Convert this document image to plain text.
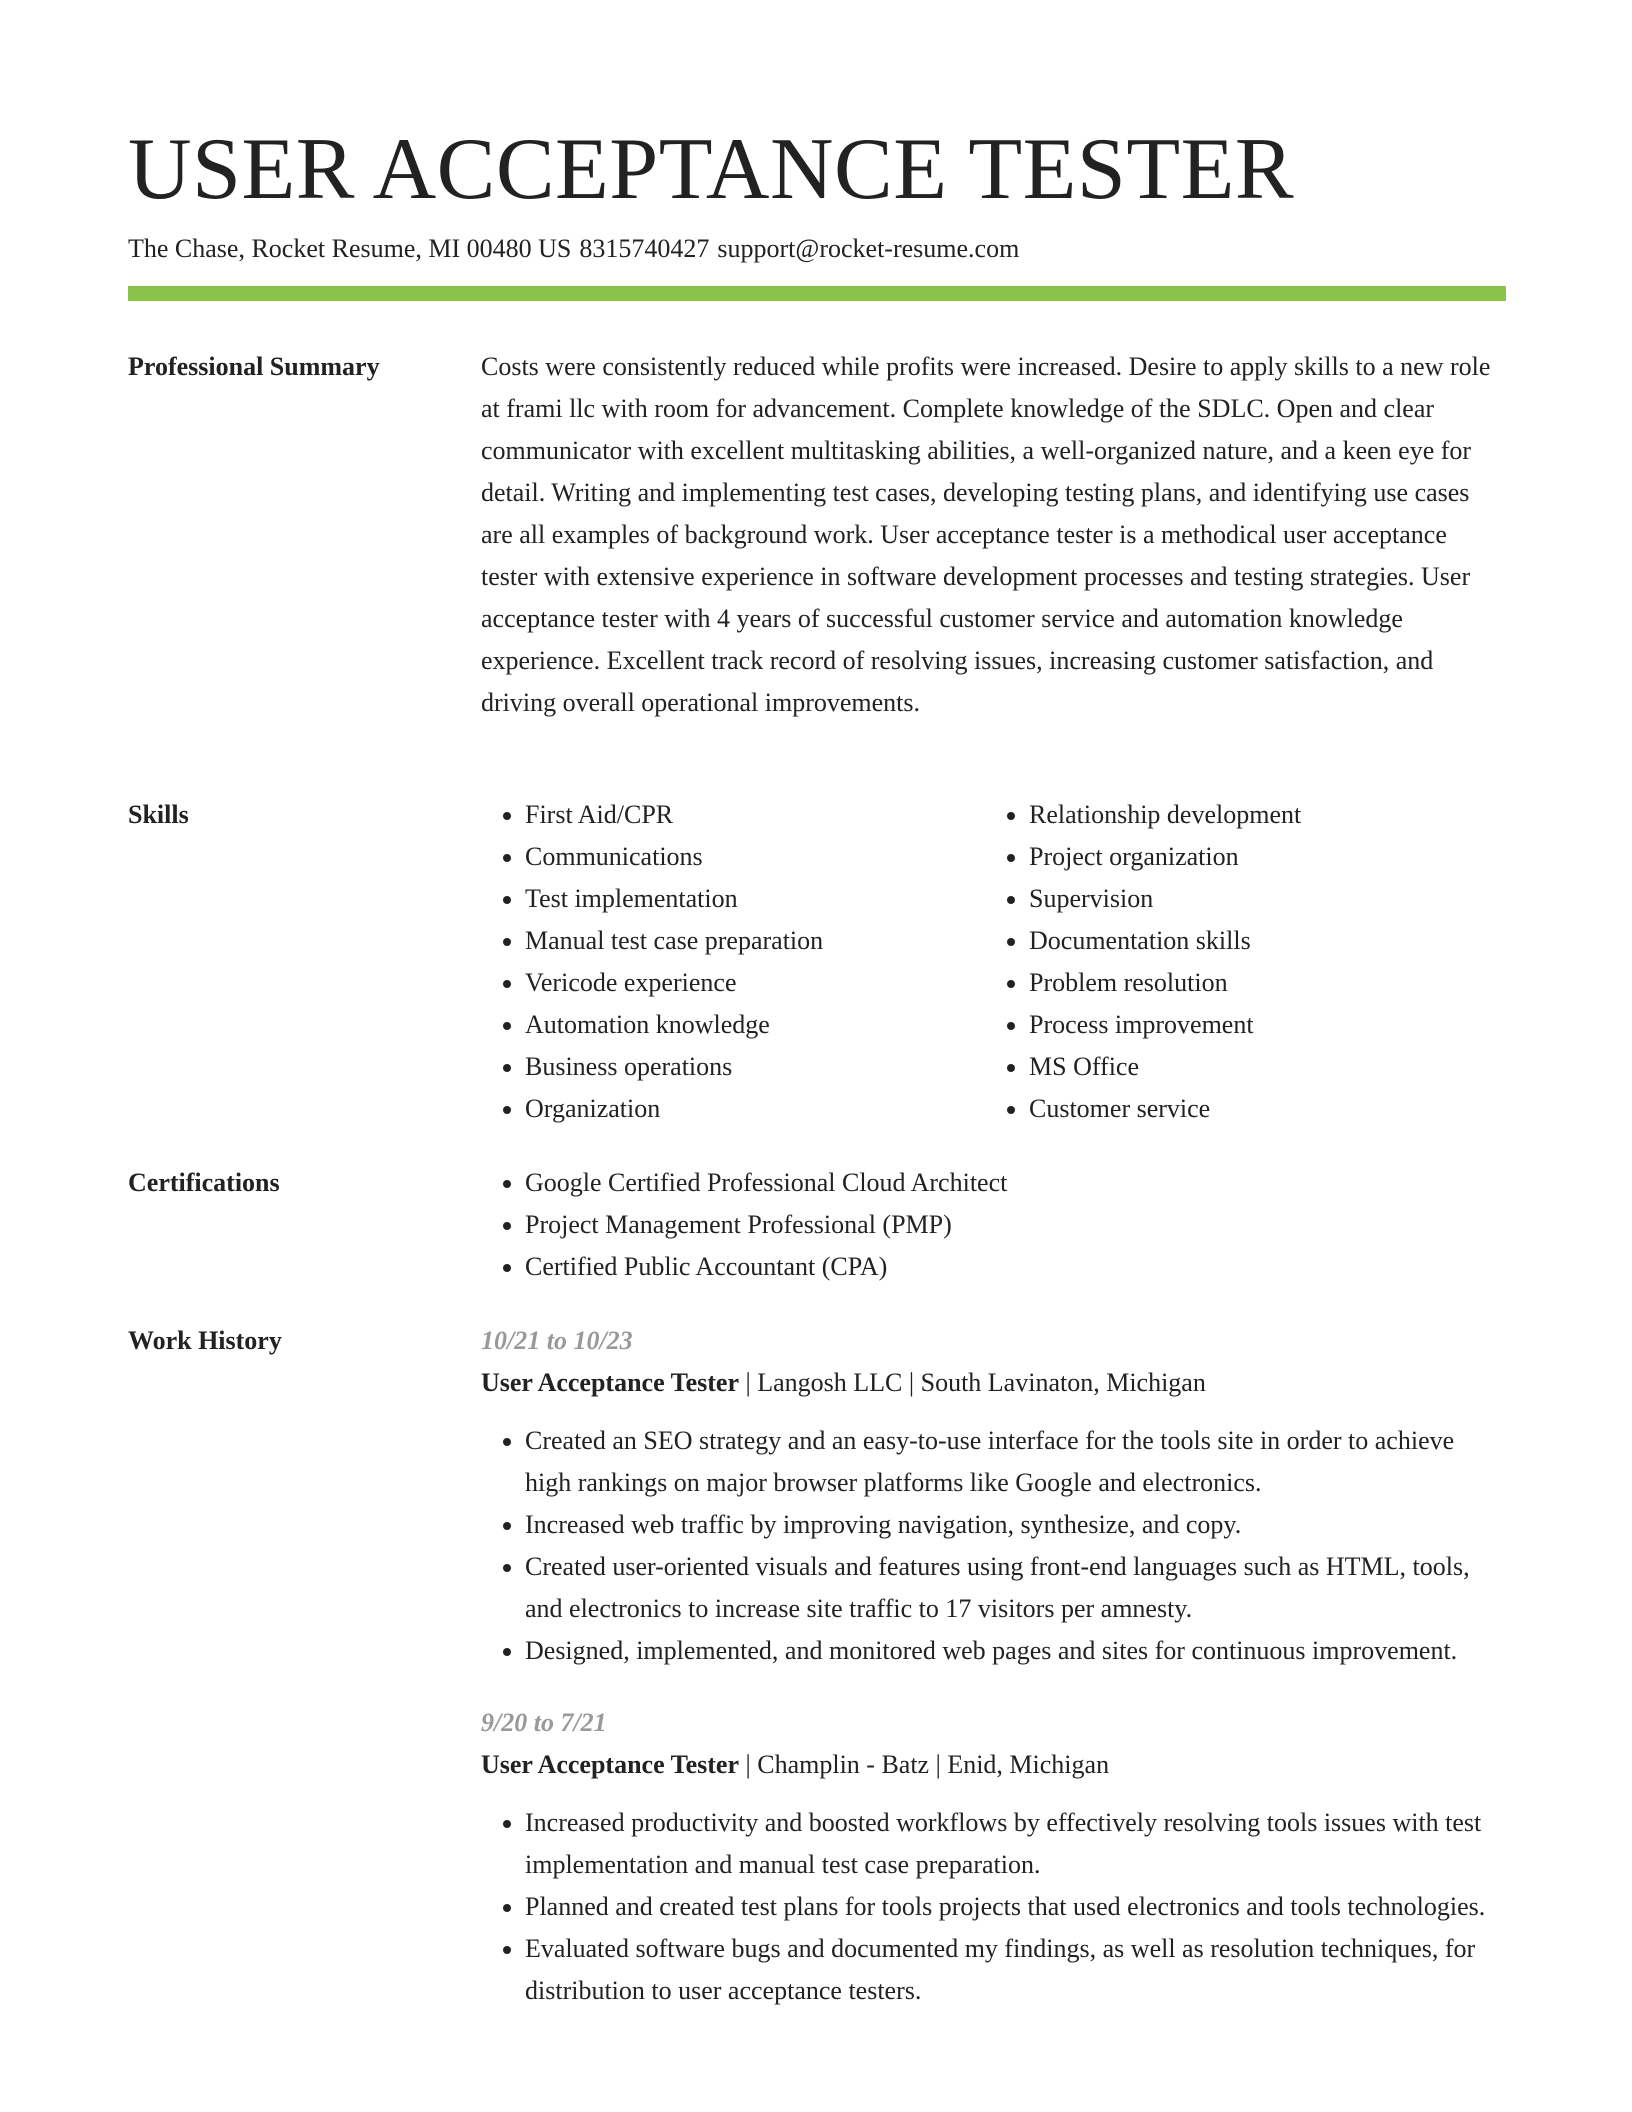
USER ACCEPTANCE TESTER
The Chase, Rocket Resume, MI 00480 US 8315740427 support@rocket-resume.com
Professional Summary	Costs were consistently reduced while profits were increased. Desire to apply skills to a new role at frami llc with room for advancement. Complete knowledge of the SDLC. Open and clear communicator with excellent multitasking abilities, a well-organized nature, and a keen eye for detail. Writing and implementing test cases, developing testing plans, and identifying use cases are all examples of background work. User acceptance tester is a methodical user acceptance tester with extensive experience in software development processes and testing strategies. User acceptance tester with 4 years of successful customer service and automation knowledge experience. Excellent track record of resolving issues, increasing customer satisfaction, and driving overall operational improvements.

Skills	• First Aid/CPR
• Communications
• Test implementation
• Manual test case preparation
• Vericode experience
• Automation knowledge
• Business operations
• Organization
• Relationship development
• Project organization
• Supervision
• Documentation skills
• Problem resolution
• Process improvement
• MS Office
• Customer service
Certifications	• Google Certified Professional Cloud Architect
• Project Management Professional (PMP)
• Certified Public Accountant (CPA)
Work History	10/21 to 10/23
User Acceptance Tester | Langosh LLC | South Lavinaton, Michigan
• Created an SEO strategy and an easy-to-use interface for the tools site in order to achieve high rankings on major browser platforms like Google and electronics.
• Increased web traffic by improving navigation, synthesize, and copy.
• Created user-oriented visuals and features using front-end languages such as HTML, tools, and electronics to increase site traffic to 17 visitors per amnesty.
• Designed, implemented, and monitored web pages and sites for continuous improvement.
9/20 to 7/21
User Acceptance Tester | Champlin - Batz | Enid, Michigan
• Increased productivity and boosted workflows by effectively resolving tools issues with test implementation and manual test case preparation.
• Planned and created test plans for tools projects that used electronics and tools technologies.
• Evaluated software bugs and documented my findings, as well as resolution techniques, for distribution to user acceptance testers.
